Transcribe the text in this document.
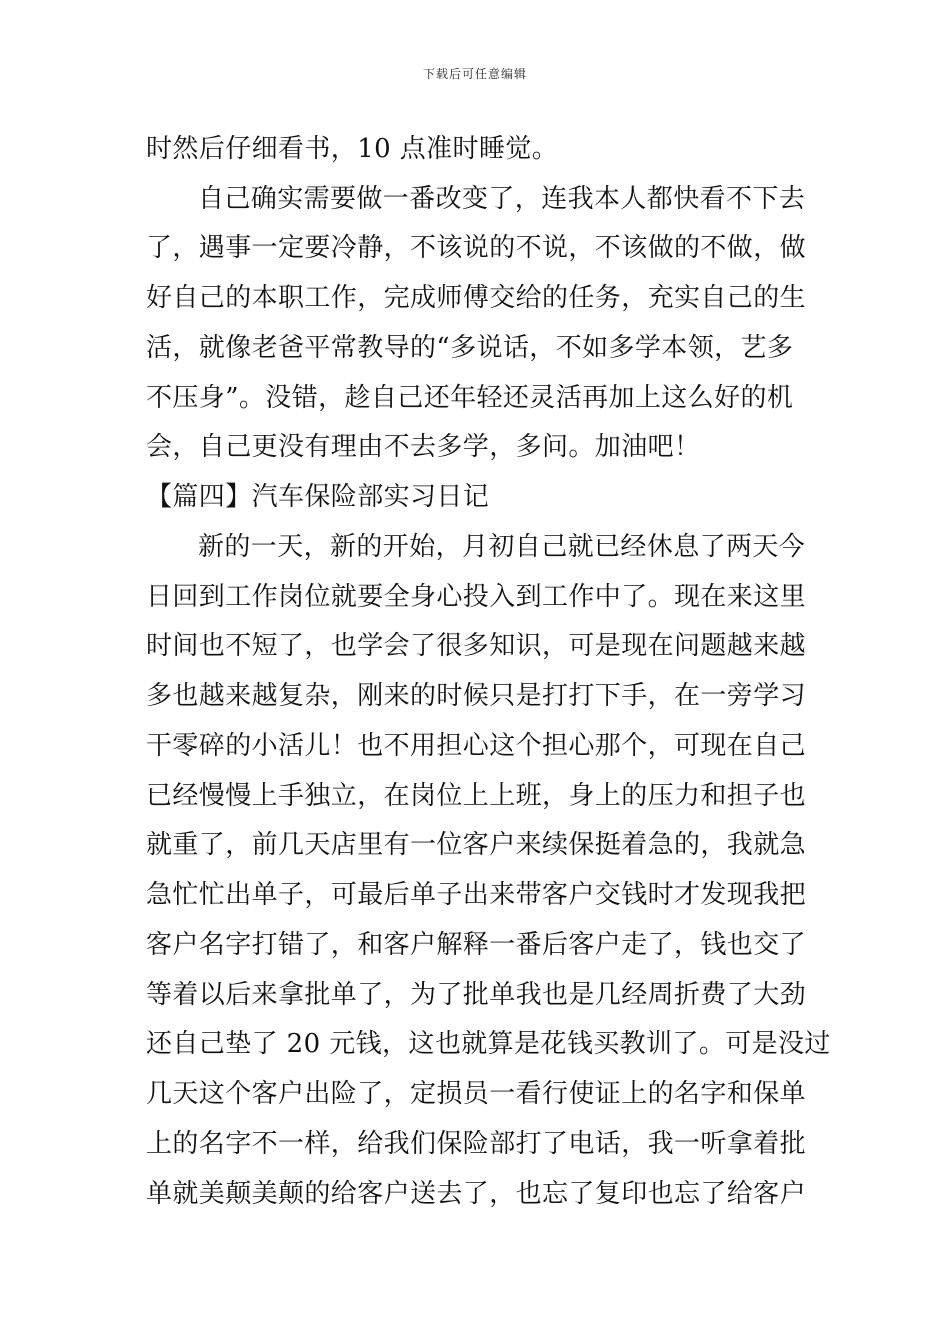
下载后可任意编辑
时然后仔细看书，10 点准时睡觉。
自己确实需要做一番改变了，连我本人都快看不下去
了，遇事一定要冷静，不该说的不说，不该做的不做，做
好自己的本职工作，完成师傅交给的任务，充实自己的生
活，就像老爸平常教导的“多说话，不如多学本领，艺多
不压身”。没错，趁自己还年轻还灵活再加上这么好的机
会，自己更没有理由不去多学，多问。加油吧！
【篇四】汽车保险部实习日记
新的一天，新的开始，月初自己就已经休息了两天今
日回到工作岗位就要全身心投入到工作中了。现在来这里
时间也不短了，也学会了很多知识，可是现在问题越来越
多也越来越复杂，刚来的时候只是打打下手，在一旁学习
干零碎的小活儿！也不用担心这个担心那个，可现在自己
已经慢慢上手独立，在岗位上上班，身上的压力和担子也
就重了，前几天店里有一位客户来续保挺着急的，我就急
急忙忙出单子，可最后单子出来带客户交钱时才发现我把
客户名字打错了，和客户解释一番后客户走了，钱也交了
等着以后来拿批单了，为了批单我也是几经周折费了大劲
还自己垫了 20 元钱，这也就算是花钱买教训了。可是没过
几天这个客户出险了，定损员一看行使证上的名字和保单
上的名字不一样，给我们保险部打了电话，我一听拿着批
单就美颠美颠的给客户送去了，也忘了复印也忘了给客户
